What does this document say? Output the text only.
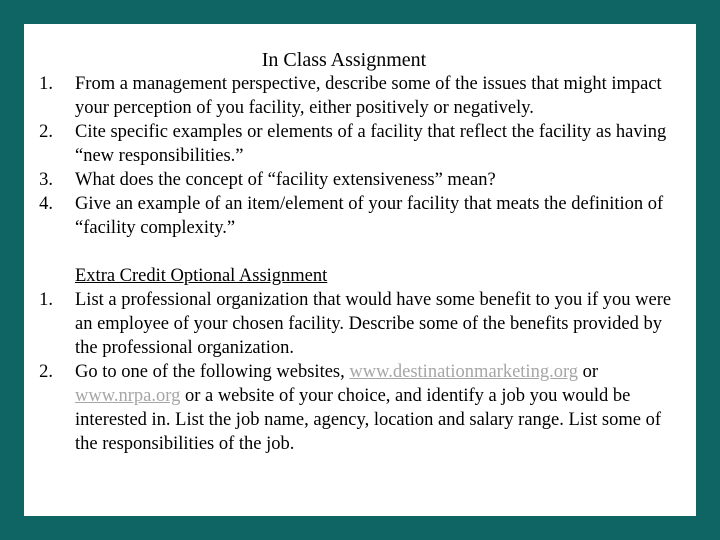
In Class Assignment
1. From a management perspective, describe some of the issues that might impact your perception of you facility, either positively or negatively.
2. Cite specific examples or elements of a facility that reflect the facility as having “new responsibilities.”
3. What does the concept of “facility extensiveness” mean?
4. Give an example of an item/element of your facility that meats the definition of “facility complexity.”
Extra Credit Optional Assignment
1. List a professional organization that would have some benefit to you if you were an employee of your chosen facility. Describe some of the benefits provided by the professional organization.
2. Go to one of the following websites, www.destinationmarketing.org or www.nrpa.org or a website of your choice, and identify a job you would be interested in. List the job name, agency, location and salary range. List some of the responsibilities of the job.
